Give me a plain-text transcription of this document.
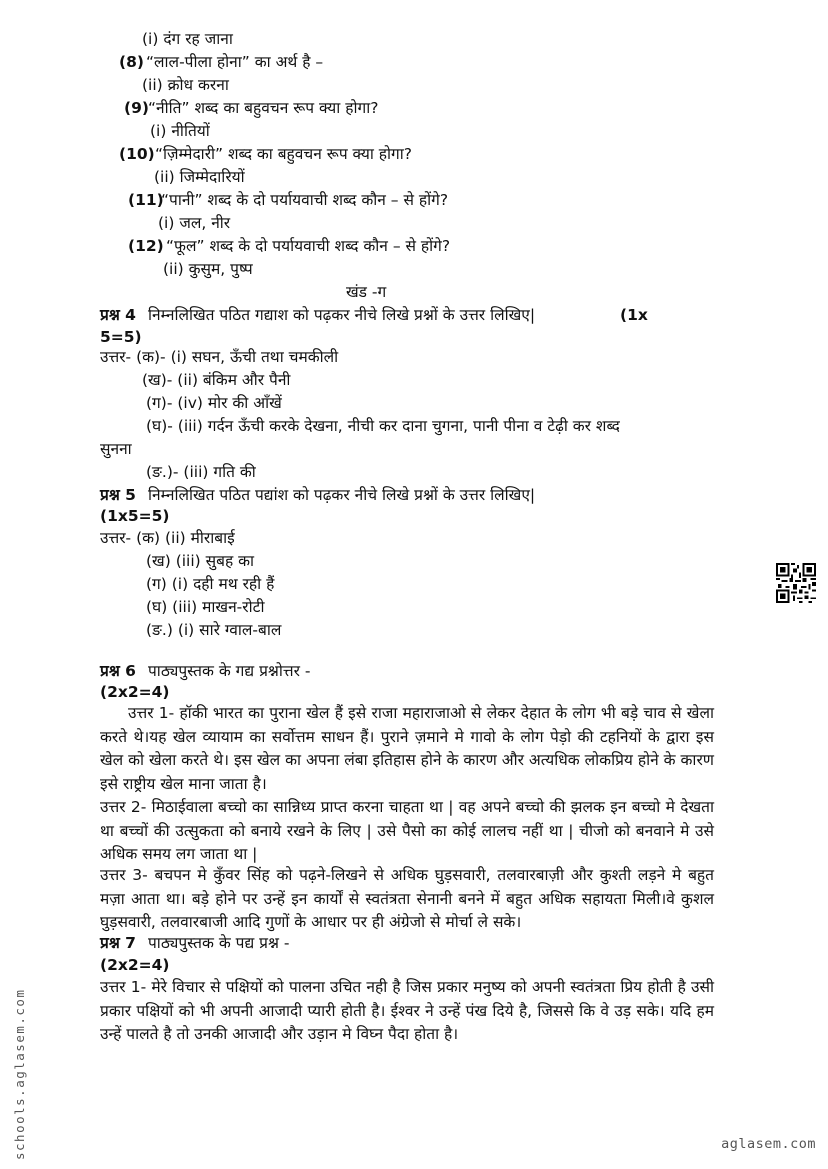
(i) दंग रह जाना
(8) “लाल-पीला होना” का अर्थ है –
(ii) क्रोध करना
(9) “नीति” शब्द का बहुवचन रूप क्या होगा?
(i) नीतियों
(10) “ज़िम्मेदारी” शब्द का बहुवचन रूप क्या होगा?
(ii) जिम्मेदारियों
(11)
“पानी” शब्द के दो पर्यायवाची शब्द कौन – से होंगे?
(i) जल, नीर
(12) “फूल” शब्द के दो पर्यायवाची शब्द कौन – से होंगे?
(ii) कुसुम, पुष्प
खंड -ग
प्रश्न 4 निम्नलिखित पठित गद्याश को पढ़कर नीचे लिखे प्रश्नों के उत्तर लिखिए|	(1x
5=5)
उत्तर- (क)- (i) सघन, ऊँची तथा चमकीली
(ख)- (ii) बंकिम और पैनी
(ग)- (iv) मोर की आँखें
(घ)- (iii) गर्दन ऊँची करके देखना, नीची कर दाना चुगना, पानी पीना व टेढ़ी कर शब्द
सुनना
(ङ.)- (iii) गति की
प्रश्न 5 निम्नलिखित पठित पद्यांश को पढ़कर नीचे लिखे प्रश्नों के उत्तर लिखिए|
(1x5=5)
उत्तर- (क) (ii) मीराबाई
(ख) (iii) सुबह का
(ग) (i) दही मथ रही हैं
(घ) (iii) माखन-रोटी
(ङ.) (i) सारे ग्वाल-बाल
प्रश्न 6 पाठ्यपुस्तक के गद्य प्रश्नोत्तर -
(2x2=4)
उत्तर 1- हॉकी भारत का पुराना खेल हैं इसे राजा महाराजाओ से लेकर देहात के लोग भी बड़े चाव से खेला करते थे।यह खेल व्यायाम का सर्वोत्तम साधन हैं। पुराने ज़माने मे गावो के लोग पेड़ो की टहनियों के द्वारा इस खेल को खेला करते थे। इस खेल का अपना लंबा इतिहास होने के कारण और अत्यधिक लोकप्रिय होने के कारण इसे राष्ट्रीय खेल माना जाता है।
उत्तर 2- मिठाईवाला बच्चो का सान्निध्य प्राप्त करना चाहता था | वह अपने बच्चो की झलक इन बच्चो मे देखता था बच्चों की उत्सुकता को बनाये रखने के लिए | उसे पैसो का कोई लालच नहीं था | चीजो को बनवाने मे उसे अधिक समय लग जाता था |
उत्तर 3- बचपन मे कुँवर सिंह को पढ़ने-लिखने से अधिक घुड़सवारी, तलवारबाज़ी और कुश्ती लड़ने मे बहुत मज़ा आता था। बड़े होने पर उन्हें इन कार्यों से स्वतंत्रता सेनानी बनने में बहुत अधिक सहायता मिली।वे कुशल घुड़सवारी, तलवारबाजी आदि गुणों के आधार पर ही अंग्रेजो से मोर्चा ले सके।
प्रश्न 7 पाठ्यपुस्तक के पद्य प्रश्न -
(2x2=4)
उत्तर 1- मेरे विचार से पक्षियों को पालना उचित नही है जिस प्रकार मनुष्य को अपनी स्वतंत्रता प्रिय होती है उसी प्रकार पक्षियों को भी अपनी आजादी प्यारी होती है। ईश्वर ने उन्हें पंख दिये है, जिससे कि वे उड़ सके। यदि हम उन्हें पालते है तो उनकी आजादी और उड़ान मे विघ्न पैदा होता है।
schools.aglasem.com	aglasem.com
